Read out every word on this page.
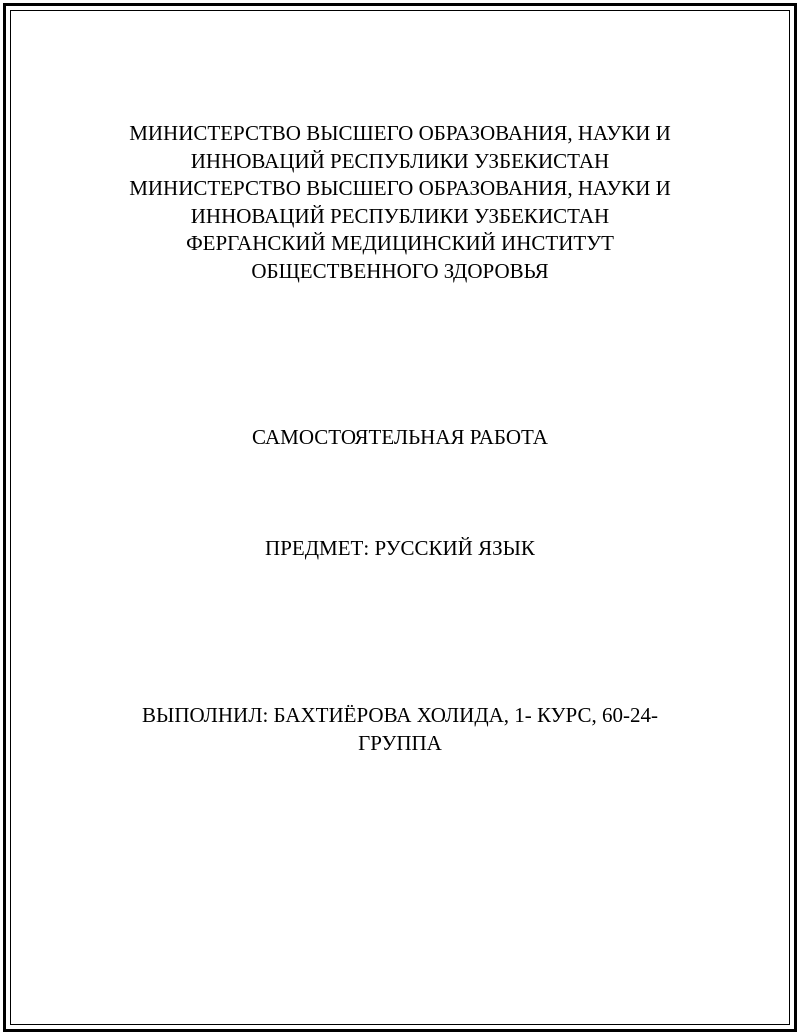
МИНИСТЕРСТВО ВЫСШЕГО ОБРАЗОВАНИЯ, НАУКИ И
ИННОВАЦИЙ РЕСПУБЛИКИ УЗБЕКИСТАН
МИНИСТЕРСТВО ВЫСШЕГО ОБРАЗОВАНИЯ, НАУКИ И
ИННОВАЦИЙ РЕСПУБЛИКИ УЗБЕКИСТАН
ФЕРГАНСКИЙ МЕДИЦИНСКИЙ ИНСТИТУТ
ОБЩЕСТВЕННОГО ЗДОРОВЬЯ
САМОСТОЯТЕЛЬНАЯ РАБОТА
ПРЕДМЕТ: РУССКИЙ ЯЗЫК
ВЫПОЛНИЛ: БАХТИЁРОВА ХОЛИДА, 1- КУРС, 60-24-
ГРУППА
